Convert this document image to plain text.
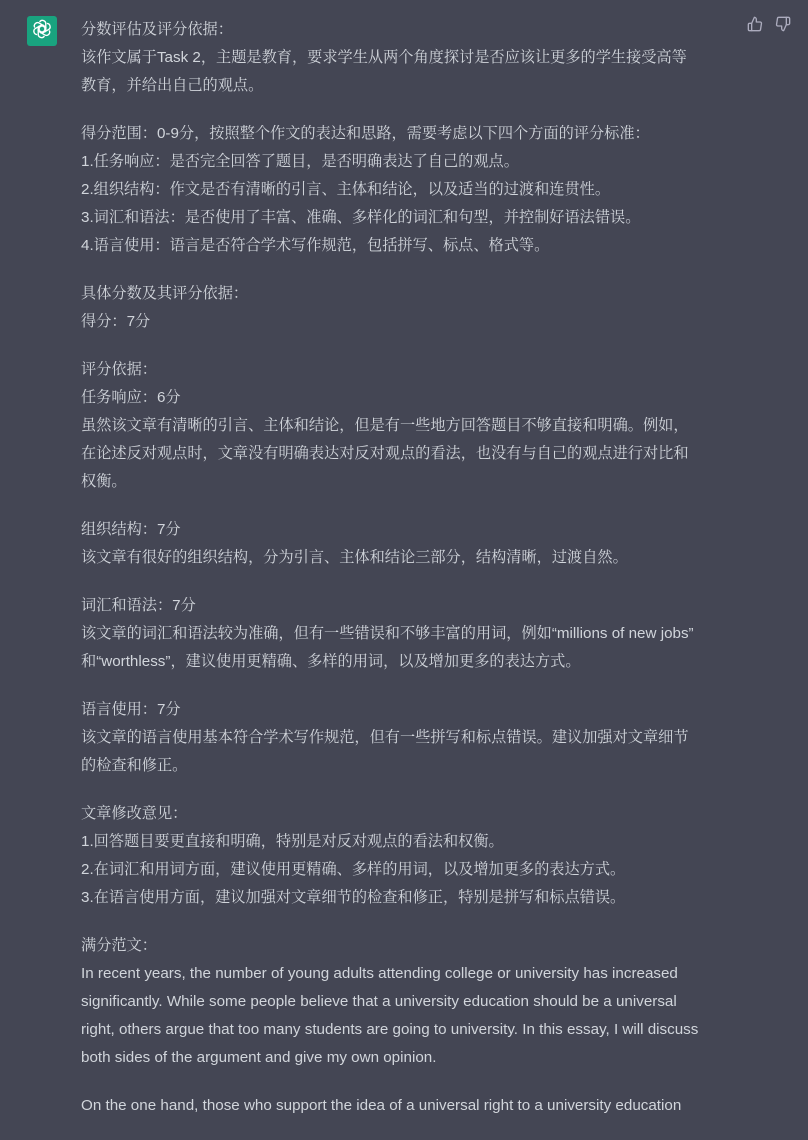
分数评估及评分依据：
该作文属于Task 2，主题是教育，要求学生从两个角度探讨是否应该让更多的学生接受高等
教育，并给出自己的观点。
得分范围：0-9分，按照整个作文的表达和思路，需要考虑以下四个方面的评分标准：
1.任务响应：是否完全回答了题目，是否明确表达了自己的观点。
2.组织结构：作文是否有清晰的引言、主体和结论，以及适当的过渡和连贯性。
3.词汇和语法：是否使用了丰富、准确、多样化的词汇和句型，并控制好语法错误。
4.语言使用：语言是否符合学术写作规范，包括拼写、标点、格式等。
具体分数及其评分依据：
得分：7分
评分依据：
任务响应：6分
虽然该文章有清晰的引言、主体和结论，但是有一些地方回答题目不够直接和明确。例如，
在论述反对观点时，文章没有明确表达对反对观点的看法，也没有与自己的观点进行对比和
权衡。
组织结构：7分
该文章有很好的组织结构，分为引言、主体和结论三部分，结构清晰，过渡自然。
词汇和语法：7分
该文章的词汇和语法较为准确，但有一些错误和不够丰富的用词，例如“millions of new jobs”
和“worthless”，建议使用更精确、多样的用词，以及增加更多的表达方式。
语言使用：7分
该文章的语言使用基本符合学术写作规范，但有一些拼写和标点错误。建议加强对文章细节
的检查和修正。
文章修改意见：
1.回答题目要更直接和明确，特别是对反对观点的看法和权衡。
2.在词汇和用词方面，建议使用更精确、多样的用词，以及增加更多的表达方式。
3.在语言使用方面，建议加强对文章细节的检查和修正，特别是拼写和标点错误。
满分范文：
In recent years, the number of young adults attending college or university has increased
significantly. While some people believe that a university education should be a universal
right, others argue that too many students are going to university. In this essay, I will discuss
both sides of the argument and give my own opinion.
On the one hand, those who support the idea of a universal right to a university education
